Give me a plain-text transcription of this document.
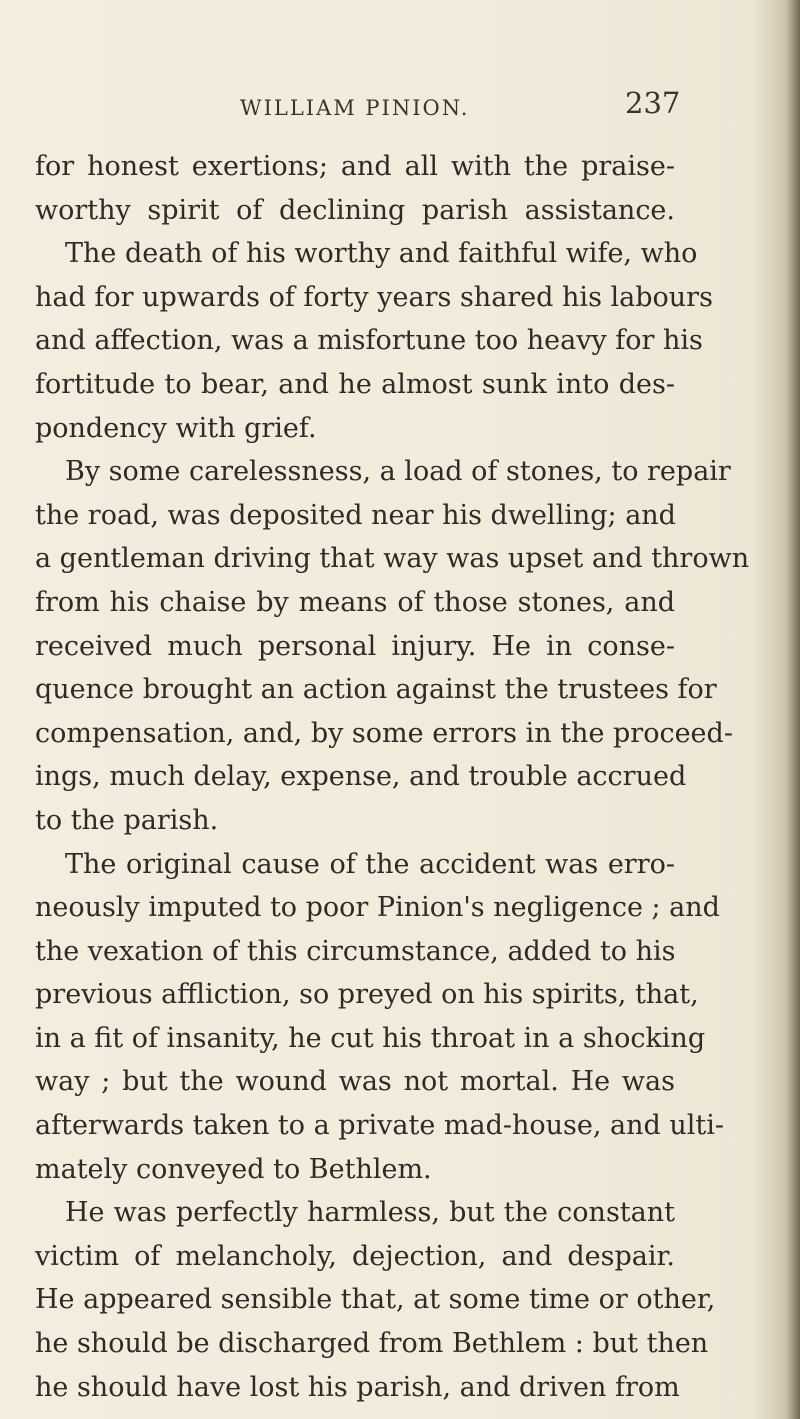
WILLIAM PINION.	237
for honest exertions; and all with the praise-
worthy spirit of declining parish assistance.
The death of his worthy and faithful wife, who
had for upwards of forty years shared his labours
and affection, was a misfortune too heavy for his
fortitude to bear, and he almost sunk into des-
pondency with grief.
By some carelessness, a load of stones, to repair
the road, was deposited near his dwelling; and
a gentleman driving that way was upset and thrown
from his chaise by means of those stones, and
received much personal injury. He in conse-
quence brought an action against the trustees for
compensation, and, by some errors in the proceed-
ings, much delay, expense, and trouble accrued
to the parish.
The original cause of the accident was erro-
neously imputed to poor Pinion's negligence ; and
the vexation of this circumstance, added to his
previous affliction, so preyed on his spirits, that,
in a fit of insanity, he cut his throat in a shocking
way ; but the wound was not mortal. He was
afterwards taken to a private mad-house, and ulti-
mately conveyed to Bethlem.
He was perfectly harmless, but the constant
victim of melancholy, dejection, and despair.
He appeared sensible that, at some time or other,
he should be discharged from Bethlem : but then
he should have lost his parish, and driven from
